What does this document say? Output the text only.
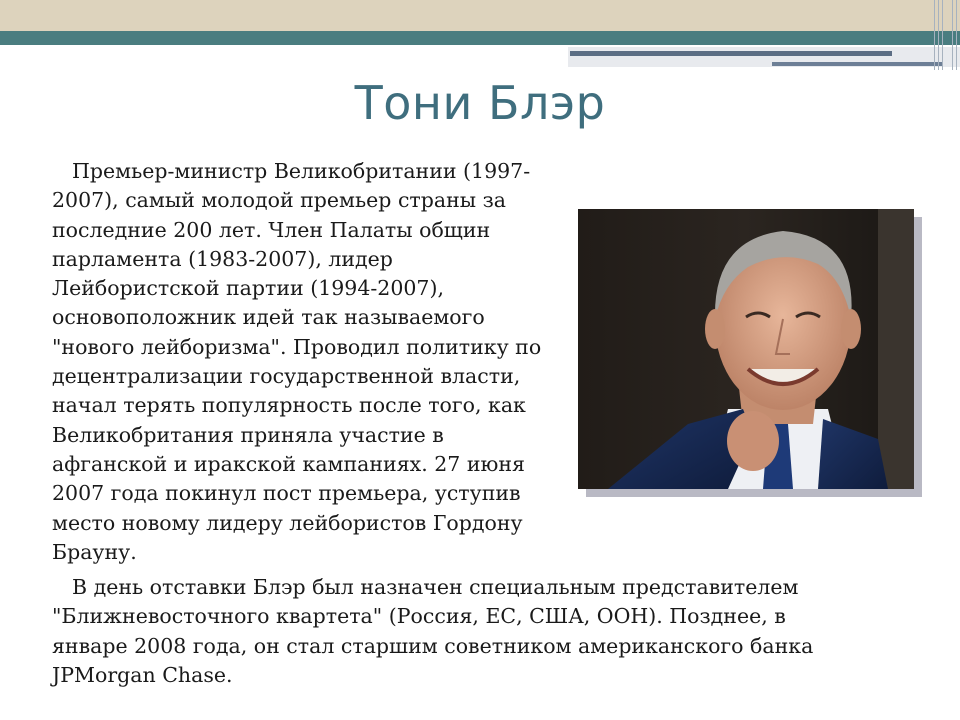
Тони Блэр
Премьер-министр Великобритании (1997-2007), самый молодой премьер страны за последние 200 лет. Член Палаты общин парламента (1983-2007), лидер Лейбористской партии (1994-2007), основоположник идей так называемого "нового лейборизма". Проводил политику по децентрализации государственной власти, начал терять популярность после того, как Великобритания приняла участие в афганской и иракской кампаниях. 27 июня 2007 года покинул пост премьера, уступив место новому лидеру лейбористов Гордону Брауну.
В день отставки Блэр был назначен специальным представителем "Ближневосточного квартета" (Россия, ЕС, США, ООН). Позднее, в январе 2008 года, он стал старшим советником американского банка JPMorgan Chase.
